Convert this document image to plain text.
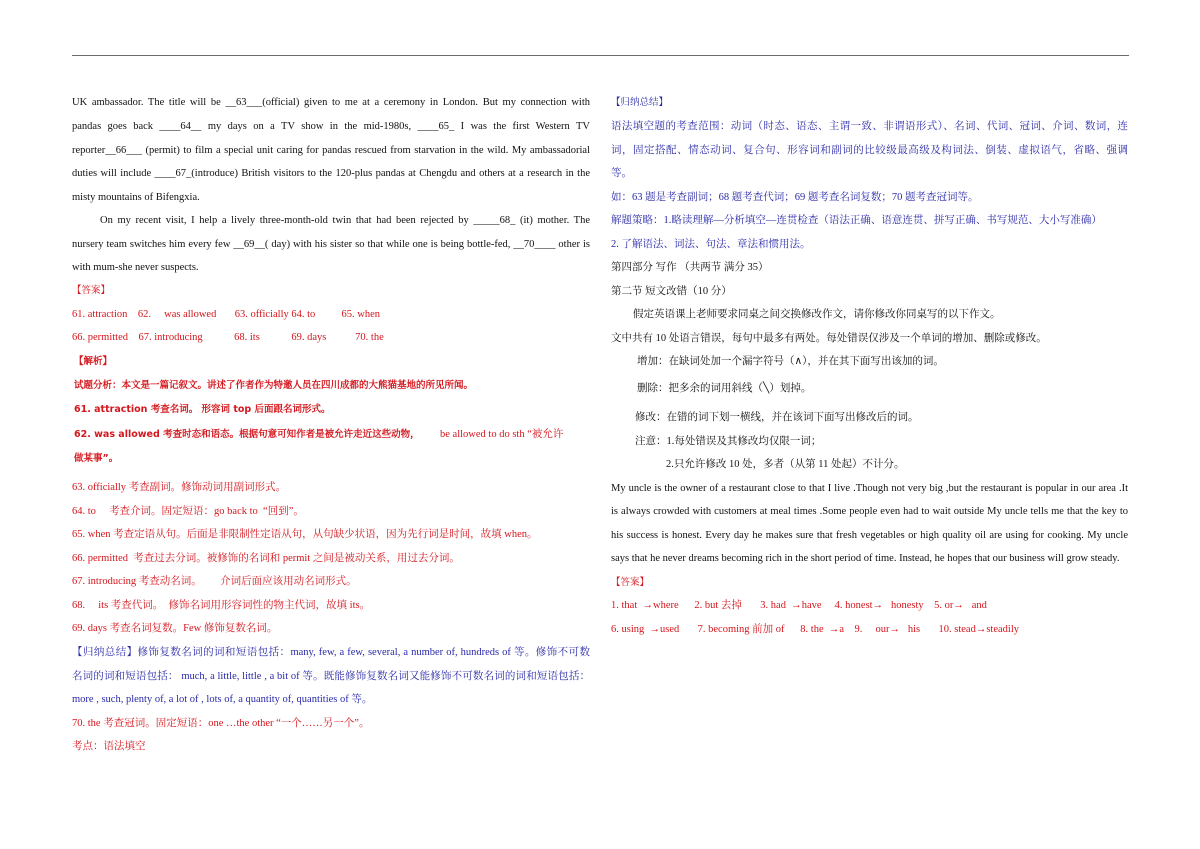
UK ambassador. The title will be __63___(official) given to me at a ceremony in London. But my connection with
pandas goes back ____64__ my days on a TV show in the mid-1980s, ____65_ I was the first Western TV
reporter__66___ (permit) to film a special unit caring for pandas rescued from starvation in the wild. My ambassadorial
duties will include ____67_(introduce) British visitors to the 120-plus pandas at Chengdu and others at a research in the
misty mountains of Bifengxia.
On my recent visit, I help a lively three-month-old twin that had been rejected by _____68_ (it) mother. The
nursery team switches him every few __69__( day) with his sister so that while one is being bottle-fed, __70____ other is
with mum-she never suspects.
【答案】
61. attraction    62.     was allowed       63. officially 64. to          65. when
66. permitted    67. introducing            68. its            69. days           70. the
【解析】
试题分析：本文是一篇记叙文。讲述了作者作为特邀人员在四川成都的大熊猫基地的所见所闻。
61. attraction 考查名词。 形容词 top 后面跟名词形式。
62. was allowed 考查时态和语态。根据句意可知作者是被允许走近这些动物， be allowed to do sth “被允许
做某事”。
63. officially 考查副词。修饰动词用副词形式。
64. to     考查介词。固定短语：go back to  “回到”。
65. when 考查定语从句。后面是非限制性定语从句，从句缺少状语，因为先行词是时间，故填 when。
66. permitted  考查过去分词。被修饰的名词和 permit 之间是被动关系，用过去分词。
67. introducing 考查动名词。       介词后面应该用动名词形式。
68.     its 考查代词。  修饰名词用形容词性的物主代词，故填 its。
69. days 考查名词复数。Few 修饰复数名词。
【归纳总结】修饰复数名词的词和短语包括：many, few, a few, several, a number of, hundreds of 等。修饰不可数
名词的词和短语包括： much, a little, little , a bit of 等。既能修饰复数名词又能修饰不可数名词的词和短语包括：
more , such, plenty of, a lot of , lots of, a quantity of, quantities of 等。
70. the 考查冠词。固定短语：one …the other “一个……另一个”。
考点：语法填空
【归纳总结】
语法填空题的考查范围：动词（时态、语态、主谓一致、非谓语形式）、名词、代词、冠词、介词、数词，连
词，固定搭配、情态动词、复合句、形容词和副词的比较级最高级及构词法、倒装、虚拟语气，省略、强调
等。
如：63 题是考查副词；68 题考查代词；69 题考查名词复数；70 题考查冠词等。
解题策略：1.略读理解—分析填空—连贯检查（语法正确、语意连贯、拼写正确、书写规范、大小写准确）
2. 了解语法、词法、句法、章法和惯用法。
第四部分 写作 （共两节 满分 35）
第二节 短文改错（10 分）
假定英语课上老师要求同桌之间交换修改作文，请你修改你同桌写的以下作文。
文中共有 10 处语言错误，每句中最多有两处。每处错误仅涉及一个单词的增加、删除或修改。
增加：在缺词处加一个漏字符号（∧），并在其下面写出该加的词。
删除：把多余的词用斜线（╲）划掉。
修改：在错的词下划一横线，并在该词下面写出修改后的词。
注意：1.每处错误及其修改均仅限一词；
2.只允许修改 10 处，多者（从第 11 处起）不计分。
My uncle is the owner of a restaurant close to that I live .Though not very big ,but the restaurant is popular in our area .It
is always crowded with customers at meal times .Some people even had to wait outside My uncle tells me that the key to
his success is honest. Every day he makes sure that fresh vegetables or high quality oil are using for cooking. My uncle
says that he never dreams becoming rich in the short period of time. Instead, he hopes that our business will grow steady.
【答案】
1. that  →where      2. but 去掉       3. had  →have     4. honest→   honesty    5. or→   and
6. using  →used       7. becoming 前加 of      8. the  →a    9.     our→   his       10. stead→steadily
